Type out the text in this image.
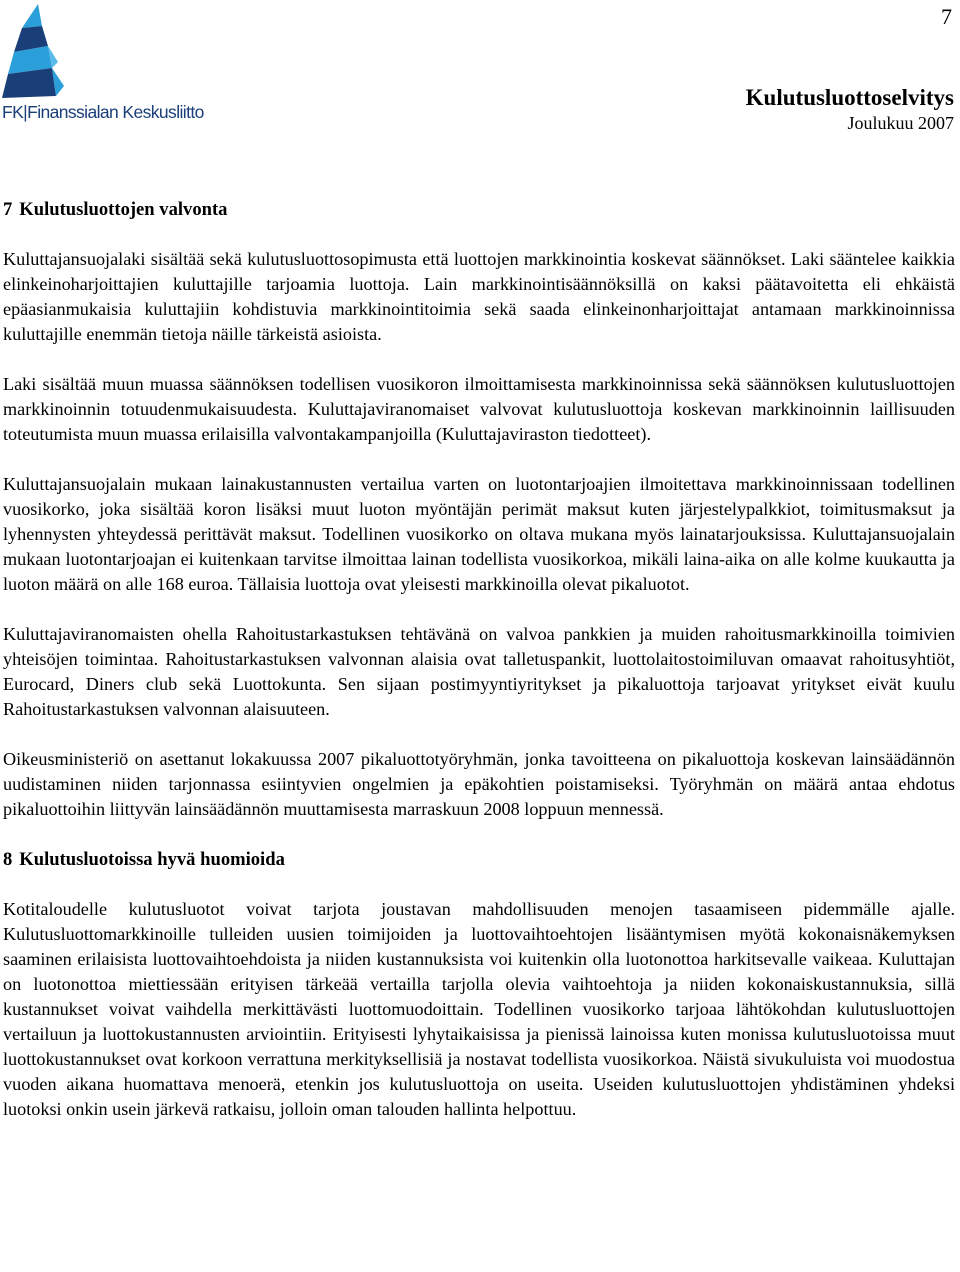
7
FK|Finanssialan Keskusliitto
Kulutusluottoselvitys
Joulukuu 2007
7 Kulutusluottojen valvonta

Kuluttajansuojalaki sisältää sekä kulutusluottosopimusta että luottojen markkinointia koskevat säännökset. Laki sääntelee kaikkia elinkeinoharjoittajien kuluttajille tarjoamia luottoja. Lain markkinointisäännöksillä on kaksi päätavoitetta eli ehkäistä epäasianmukaisia kuluttajiin kohdistuvia markkinointitoimia sekä saada elinkeinonharjoittajat antamaan markkinoinnissa kuluttajille enemmän tietoja näille tärkeistä asioista.

Laki sisältää muun muassa säännöksen todellisen vuosikoron ilmoittamisesta markkinoinnissa sekä säännöksen kulutusluottojen markkinoinnin totuudenmukaisuudesta. Kuluttajaviranomaiset valvovat kulutusluottoja koskevan markkinoinnin laillisuuden toteutumista muun muassa erilaisilla valvontakampanjoilla (Kuluttajaviraston tiedotteet).

Kuluttajansuojalain mukaan lainakustannusten vertailua varten on luotontarjoajien ilmoitettava markkinoinnissaan todellinen vuosikorko, joka sisältää koron lisäksi muut luoton myöntäjän perimät maksut kuten järjestelypalkkiot, toimitusmaksut ja lyhennysten yhteydessä perittävät maksut. Todellinen vuosikorko on oltava mukana myös lainatarjouksissa. Kuluttajansuojalain mukaan luotontarjoajan ei kuitenkaan tarvitse ilmoittaa lainan todellista vuosikorkoa, mikäli laina-aika on alle kolme kuukautta ja luoton määrä on alle 168 euroa. Tällaisia luottoja ovat yleisesti markkinoilla olevat pikaluotot.

Kuluttajaviranomaisten ohella Rahoitustarkastuksen tehtävänä on valvoa pankkien ja muiden rahoitusmarkkinoilla toimivien yhteisöjen toimintaa. Rahoitustarkastuksen valvonnan alaisia ovat talletuspankit, luottolaitostoimiluvan omaavat rahoitusyhtiöt, Eurocard, Diners club sekä Luottokunta. Sen sijaan postimyyntiyritykset ja pikaluottoja tarjoavat yritykset eivät kuulu Rahoitustarkastuksen valvonnan alaisuuteen.

Oikeusministeriö on asettanut lokakuussa 2007 pikaluottotyöryhmän, jonka tavoitteena on pikaluottoja koskevan lainsäädännön uudistaminen niiden tarjonnassa esiintyvien ongelmien ja epäkohtien poistamiseksi. Työryhmän on määrä antaa ehdotus pikaluottoihin liittyvän lainsäädännön muuttamisesta marraskuun 2008 loppuun mennessä.

8 Kulutusluotoissa hyvä huomioida

Kotitaloudelle kulutusluotot voivat tarjota joustavan mahdollisuuden menojen tasaamiseen pidemmälle ajalle. Kulutusluottomarkkinoille tulleiden uusien toimijoiden ja luottovaihtoehtojen lisääntymisen myötä kokonaisnäkemyksen saaminen erilaisista luottovaihtoehdoista ja niiden kustannuksista voi kuitenkin olla luotonottoa harkitsevalle vaikeaa. Kuluttajan on luotonottoa miettiessään erityisen tärkeää vertailla tarjolla olevia vaihtoehtoja ja niiden kokonaiskustannuksia, sillä kustannukset voivat vaihdella merkittävästi luottomuodoittain. Todellinen vuosikorko tarjoaa lähtökohdan kulutusluottojen vertailuun ja luottokustannusten arviointiin. Erityisesti lyhytaikaisissa ja pienissä lainoissa kuten monissa kulutusluotoissa muut luottokustannukset ovat korkoon verrattuna merkityksellisiä ja nostavat todellista vuosikorkoa. Näistä sivukuluista voi muodostua vuoden aikana huomattava menoerä, etenkin jos kulutusluottoja on useita. Useiden kulutusluottojen yhdistäminen yhdeksi luotoksi onkin usein järkevä ratkaisu, jolloin oman talouden hallinta helpottuu.
